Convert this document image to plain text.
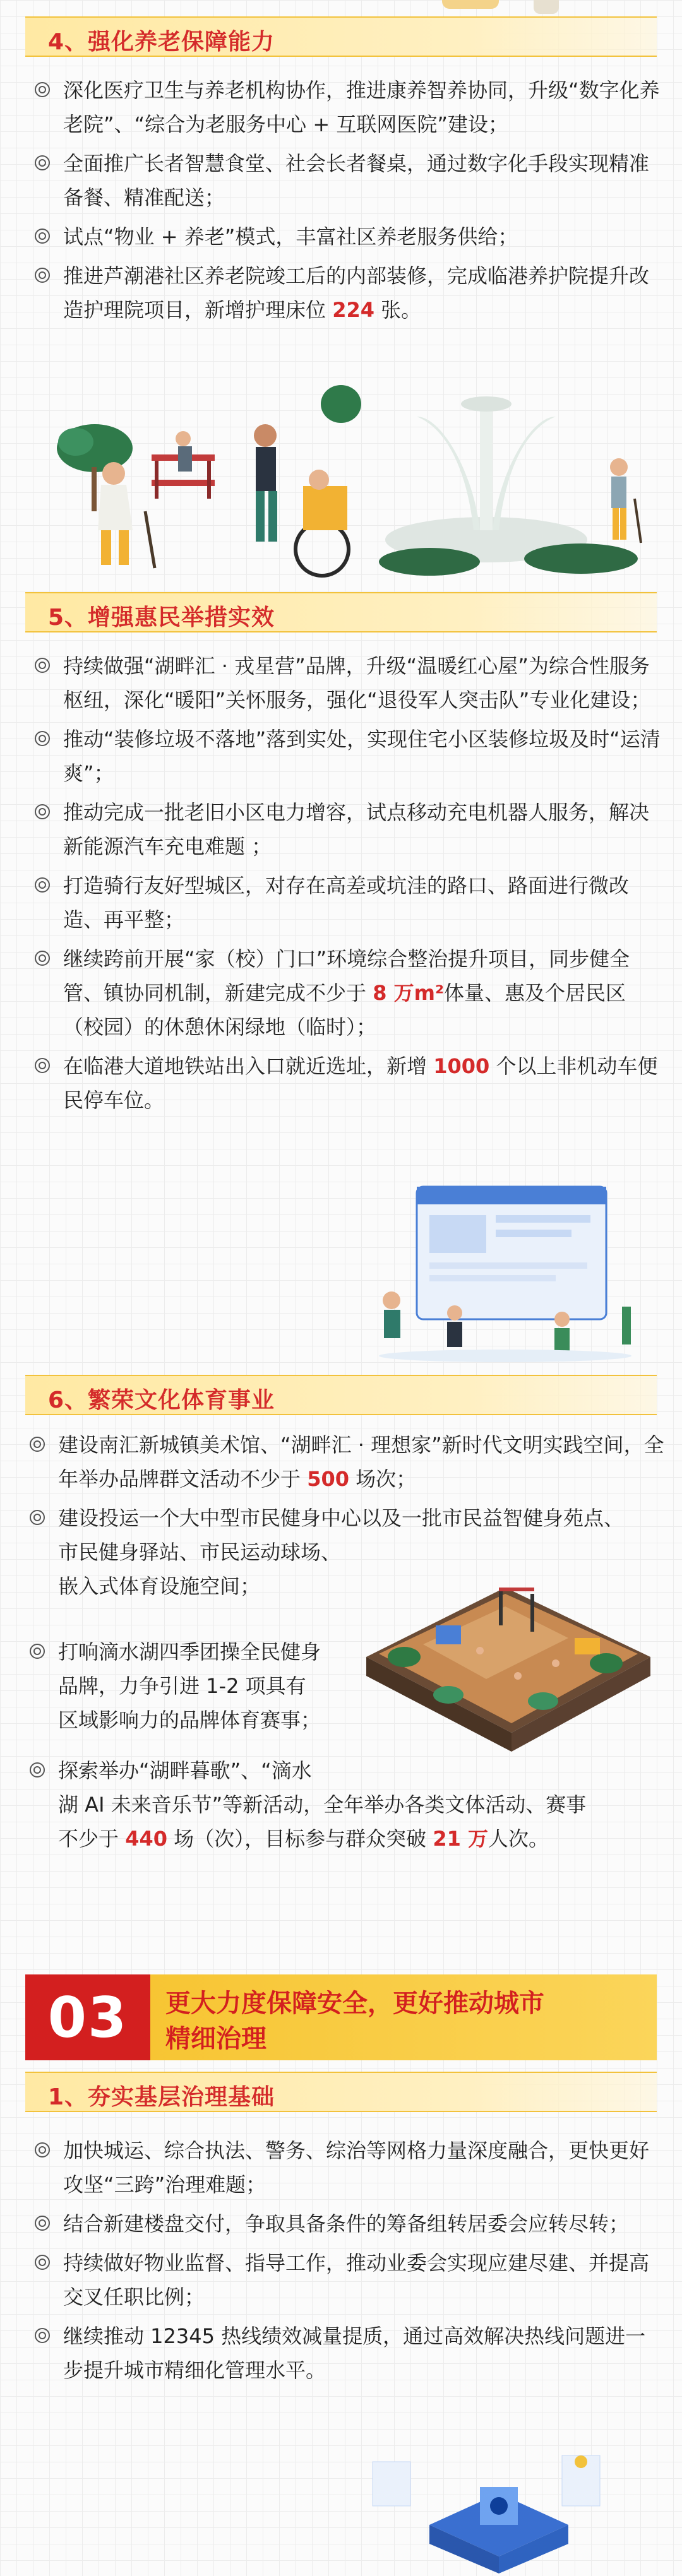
4、强化养老保障能力
深化医疗卫生与养老机构协作，推进康养智养协同，升级“数字化养老院”、“综合为老服务中心 + 互联网医院”建设；
全面推广长者智慧食堂、社会长者餐桌，通过数字化手段实现精准备餐、精准配送；
试点“物业 + 养老”模式，丰富社区养老服务供给；
推进芦潮港社区养老院竣工后的内部装修，完成临港养护院提升改造护理院项目，新增护理床位 224 张。
5、增强惠民举措实效
持续做强“湖畔汇 · 戎星营”品牌，升级“温暖红心屋”为综合性服务枢纽，深化“暖阳”关怀服务，强化“退役军人突击队”专业化建设；
推动“装修垃圾不落地”落到实处，实现住宅小区装修垃圾及时“运清爽”；
推动完成一批老旧小区电力增容，试点移动充电机器人服务，解决新能源汽车充电难题 ；
打造骑行友好型城区，对存在高差或坑洼的路口、路面进行微改造、再平整；
继续跨前开展“家（校）门口”环境综合整治提升项目，同步健全管、镇协同机制，新建完成不少于 8 万m²体量、惠及个居民区（校园）的休憩休闲绿地（临时）；
在临港大道地铁站出入口就近选址，新增 1000 个以上非机动车便民停车位。
6、繁荣文化体育事业
建设南汇新城镇美术馆、“湖畔汇 · 理想家”新时代文明实践空间，全年举办品牌群文活动不少于 500 场次；
建设投运一个大中型市民健身中心以及一批市民益智健身苑点、
市民健身驿站、市民运动球场、
嵌入式体育设施空间；
打响滴水湖四季团操全民健身
品牌，力争引进 1-2 项具有
区域影响力的品牌体育赛事；
探索举办“湖畔暮歌”、“滴水
湖 AI 未来音乐节”等新活动，全年举办各类文体活动、赛事
不少于 440 场（次），目标参与群众突破 21 万人次。
03	更大力度保障安全，更好推动城市
精细治理
1、夯实基层治理基础
加快城运、综合执法、警务、综治等网格力量深度融合，更快更好攻坚“三跨”治理难题；
结合新建楼盘交付，争取具备条件的筹备组转居委会应转尽转；
持续做好物业监督、指导工作，推动业委会实现应建尽建、并提高交叉任职比例；
继续推动 12345 热线绩效减量提质，通过高效解决热线问题进一步提升城市精细化管理水平。
